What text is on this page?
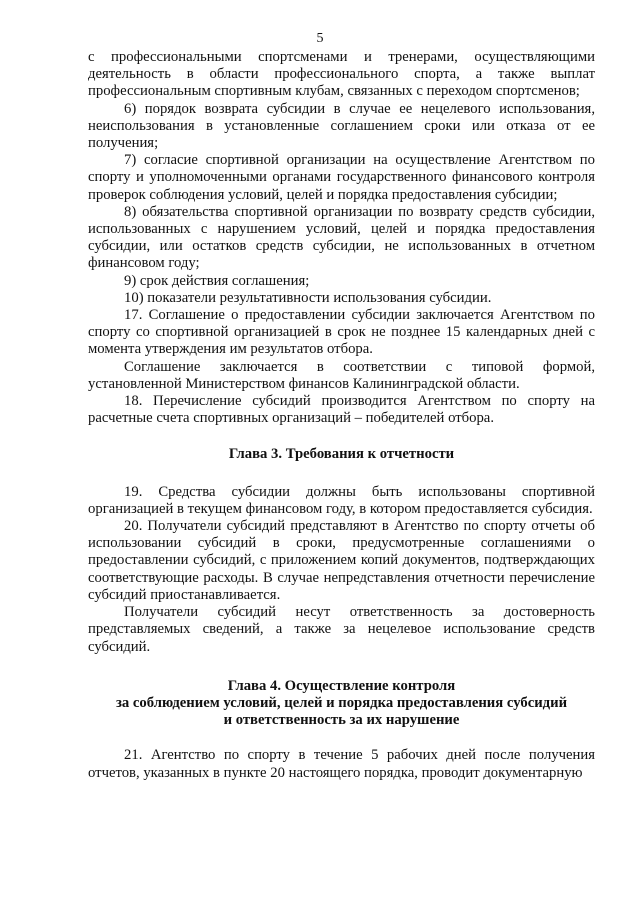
5

с профессиональными спортсменами и тренерами, осуществляющими деятельность в области профессионального спорта, а также выплат профессиональным спортивным клубам, связанных с переходом спортсменов;

6) порядок возврата субсидии в случае ее нецелевого использования, неиспользования в установленные соглашением сроки или отказа от ее получения;

7) согласие спортивной организации на осуществление Агентством по спорту и уполномоченными органами государственного финансового контроля проверок соблюдения условий, целей и порядка предоставления субсидии;

8) обязательства спортивной организации по возврату средств субсидии, использованных с нарушением условий, целей и порядка предоставления субсидии, или остатков средств субсидии, не использованных в отчетном финансовом году;

9) срок действия соглашения;

10) показатели результативности использования субсидии.

17. Соглашение о предоставлении субсидии заключается Агентством по спорту со спортивной организацией в срок не позднее 15 календарных дней с момента утверждения им результатов отбора.

Соглашение заключается в соответствии с типовой формой, установленной Министерством финансов Калининградской области.

18. Перечисление субсидий производится Агентством по спорту на расчетные счета спортивных организаций – победителей отбора.

Глава 3. Требования к отчетности

19. Средства субсидии должны быть использованы спортивной организацией в текущем финансовом году, в котором предоставляется субсидия.

20. Получатели субсидий представляют в Агентство по спорту отчеты об использовании субсидий в сроки, предусмотренные соглашениями о предоставлении субсидий, с приложением копий документов, подтверждающих соответствующие расходы. В случае непредставления отчетности перечисление субсидий приостанавливается.

Получатели субсидий несут ответственность за достоверность представляемых сведений, а также за нецелевое использование средств субсидий.

Глава 4. Осуществление контроля
за соблюдением условий, целей и порядка предоставления субсидий
и ответственность за их нарушение

21. Агентство по спорту в течение 5 рабочих дней после получения отчетов, указанных в пункте 20 настоящего порядка, проводит документарную
